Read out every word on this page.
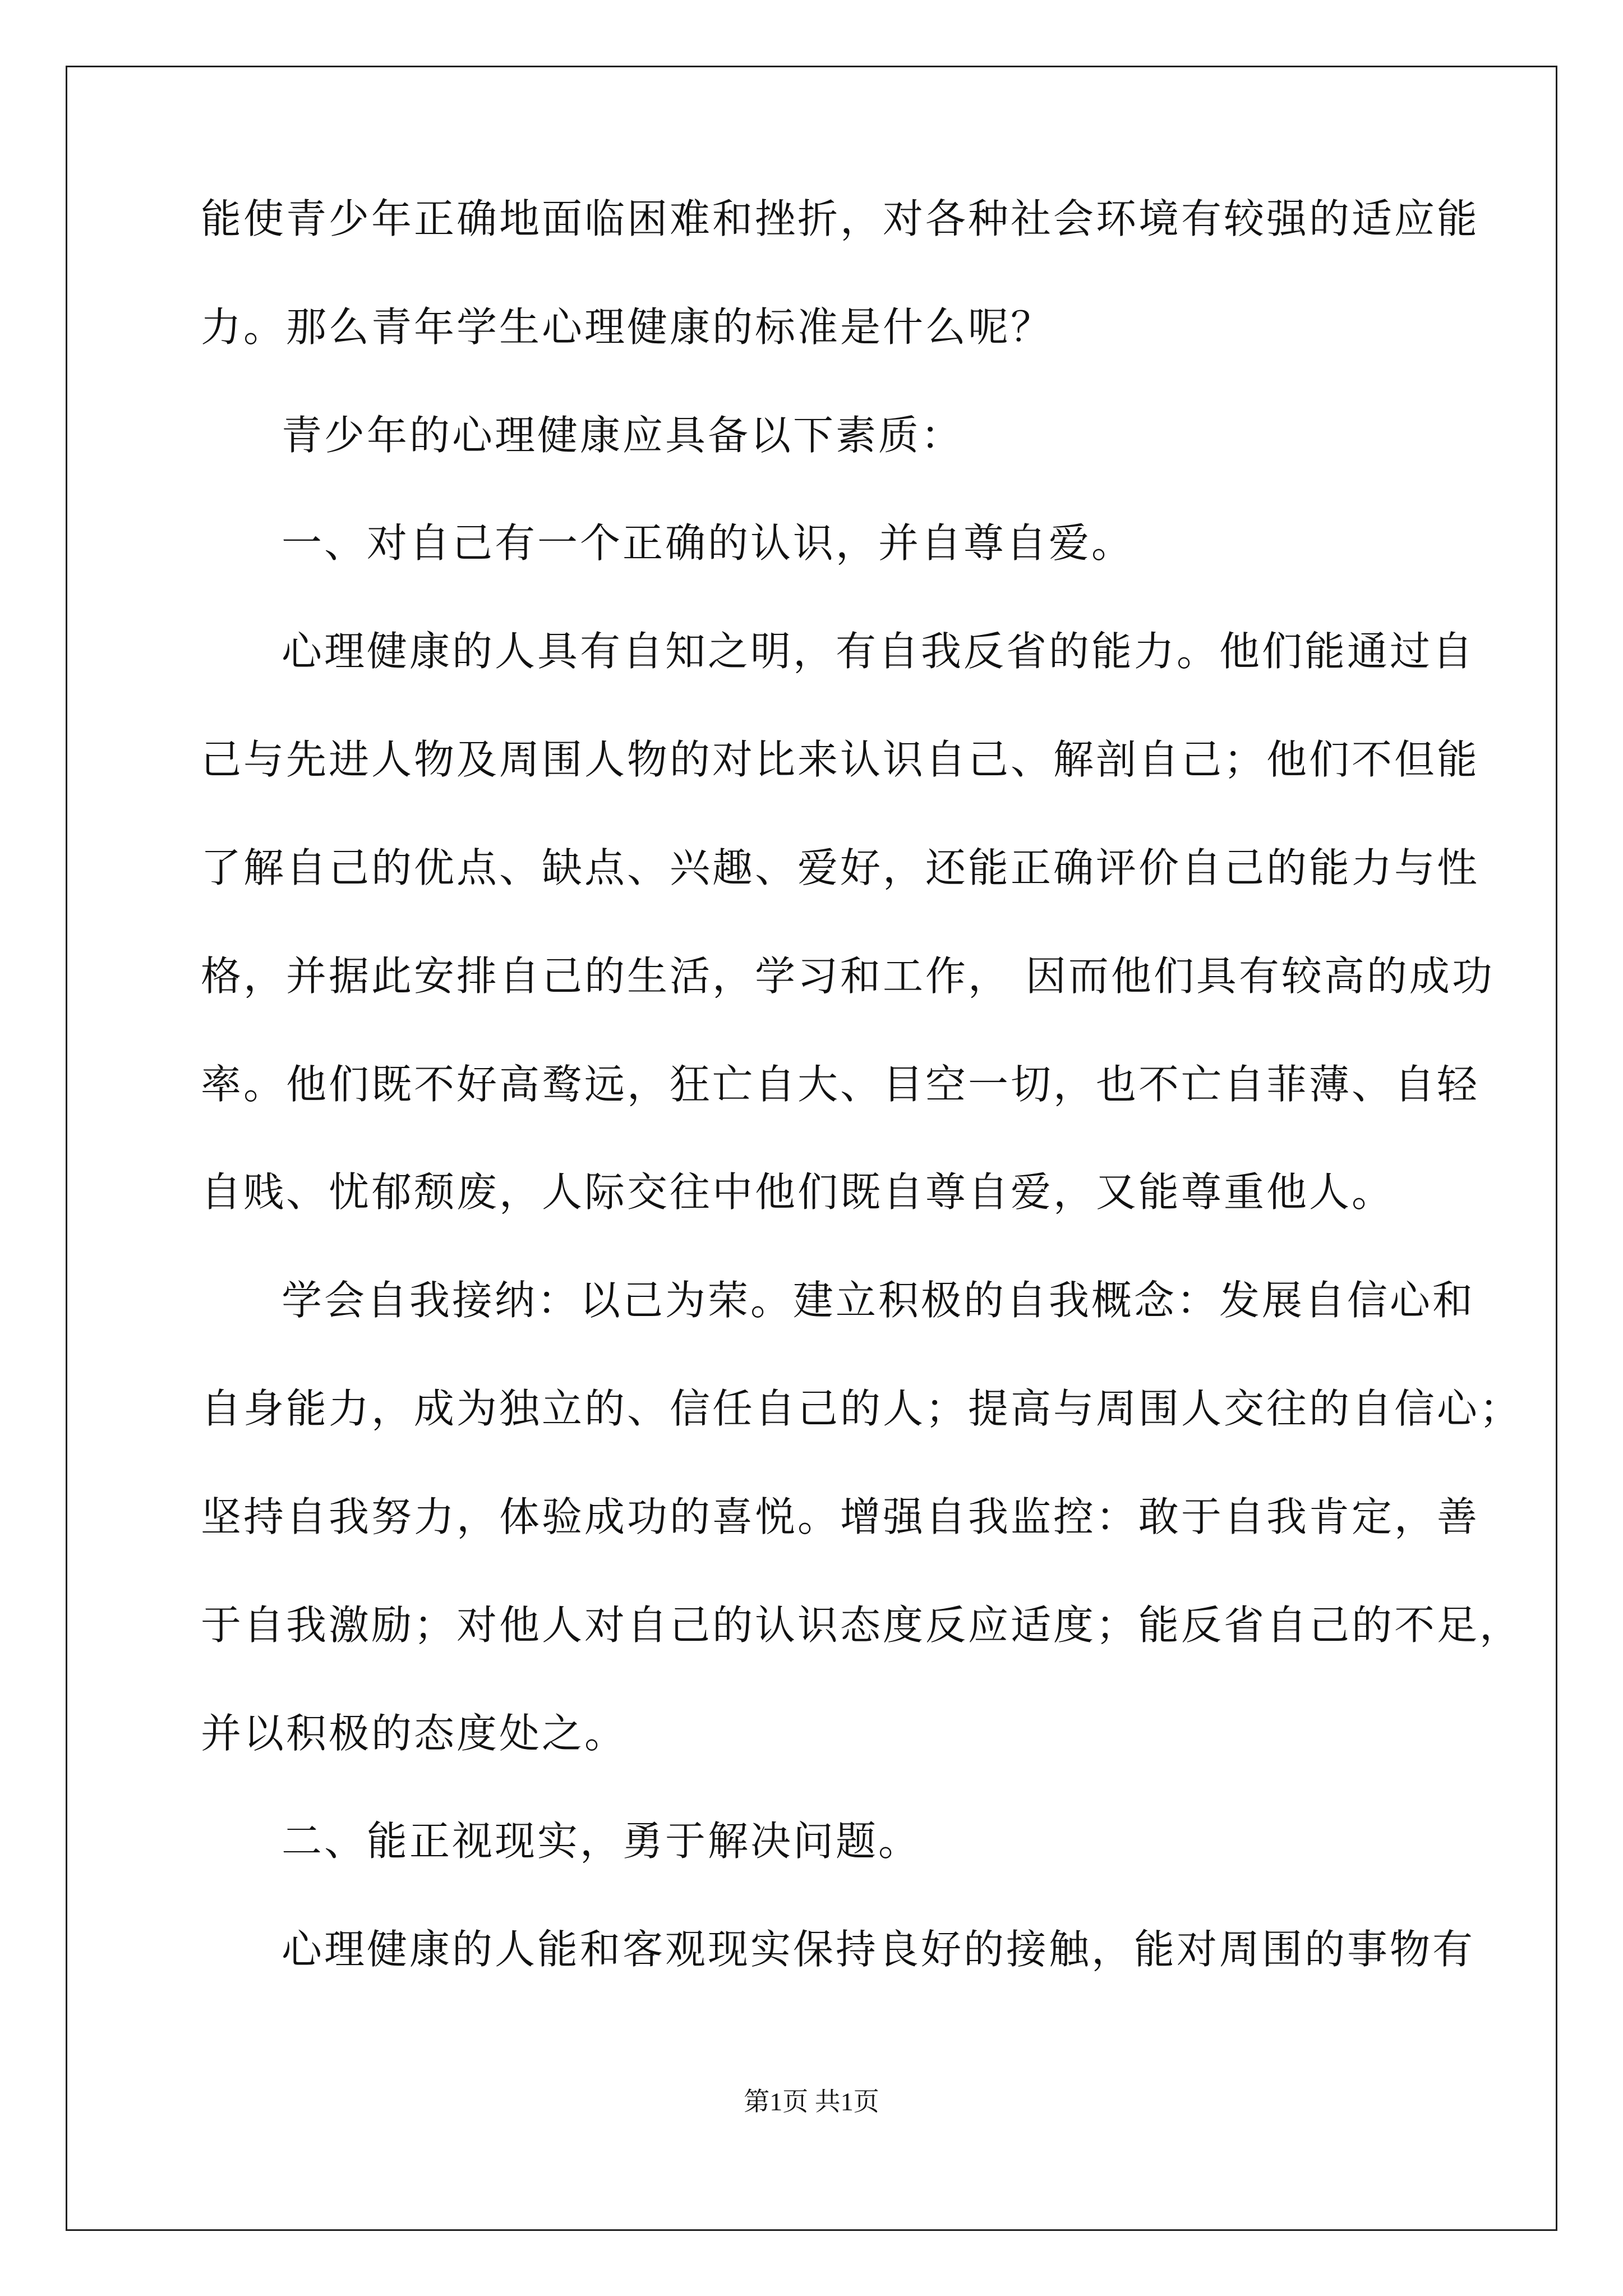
能使青少年正确地面临困难和挫折，对各种社会环境有较强的适应能
力。那么青年学生心理健康的标准是什么呢？
青少年的心理健康应具备以下素质：
一、对自己有一个正确的认识，并自尊自爱。
心理健康的人具有自知之明，有自我反省的能力。他们能通过自
己与先进人物及周围人物的对比来认识自己、解剖自己；他们不但能
了解自己的优点、缺点、兴趣、爱好，还能正确评价自己的能力与性
格，并据此安排自己的生活，学习和工作， 因而他们具有较高的成功
率。他们既不好高鹜远，狂亡自大、目空一切，也不亡自菲薄、自轻
自贱、忧郁颓废，人际交往中他们既自尊自爱，又能尊重他人。
学会自我接纳：以己为荣。建立积极的自我概念：发展自信心和
自身能力，成为独立的、信任自己的人；提高与周围人交往的自信心；
坚持自我努力，体验成功的喜悦。增强自我监控：敢于自我肯定，善
于自我激励；对他人对自己的认识态度反应适度；能反省自己的不足，
并以积极的态度处之。
二、能正视现实，勇于解决问题。
心理健康的人能和客观现实保持良好的接触，能对周围的事物有
第1页 共1页
